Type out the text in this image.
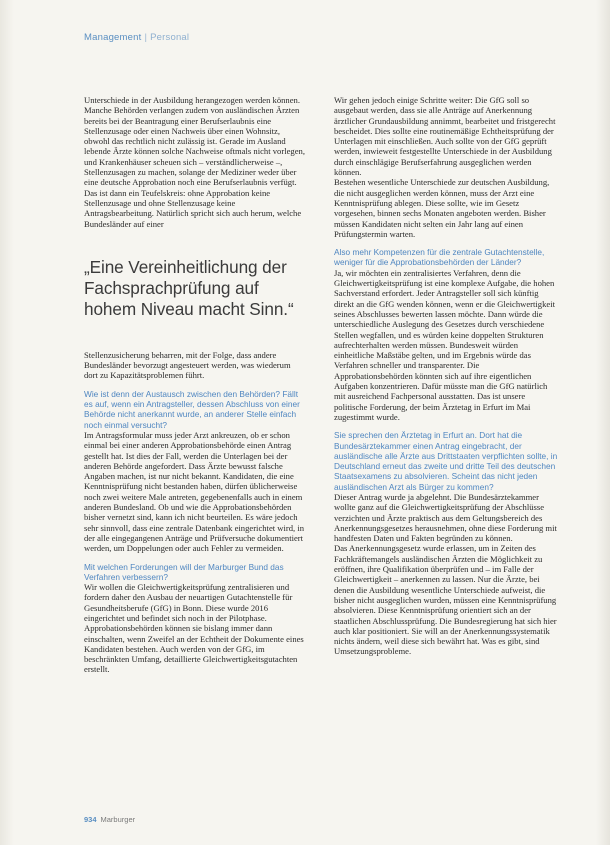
Management | Personal

Unterschiede in der Ausbildung herangezogen werden können.

Manche Behörden verlangen zudem von ausländischen Ärzten bereits bei der Beantragung einer Berufserlaubnis eine Stellenzusage oder einen Nachweis über einen Wohnsitz, obwohl das rechtlich nicht zulässig ist. Gerade im Ausland lebende Ärzte können solche Nachweise oftmals nicht vorlegen, und Krankenhäuser scheuen sich – verständlicherweise –, Stellenzusagen zu machen, solange der Mediziner weder über eine deutsche Approbation noch eine Berufserlaubnis verfügt. Das ist dann ein Teufelskreis: ohne Approbation keine Stellenzusage und ohne Stellenzusage keine Antragsbearbeitung. Natürlich spricht sich auch herum, welche Bundesländer auf einer

„Eine Vereinheitlichung der Fachsprachprüfung auf hohem Niveau macht Sinn.“

Stellenzusicherung beharren, mit der Folge, dass andere Bundesländer bevorzugt angesteuert werden, was wiederum dort zu Kapazitätsproblemen führt.

Wie ist denn der Austausch zwischen den Behörden? Fällt es auf, wenn ein Antragsteller, dessen Abschluss von einer Behörde nicht anerkannt wurde, an anderer Stelle einfach noch einmal versucht?

Im Antragsformular muss jeder Arzt ankreuzen, ob er schon einmal bei einer anderen Approbationsbehörde einen Antrag gestellt hat. Ist dies der Fall, werden die Unterlagen bei der anderen Behörde angefordert. Dass Ärzte bewusst falsche Angaben machen, ist nur nicht bekannt. Kandidaten, die eine Kenntnisprüfung nicht bestanden haben, dürfen üblicherweise noch zwei weitere Male antreten, gegebenenfalls auch in einem anderen Bundesland. Ob und wie die Approbationsbehörden bisher vernetzt sind, kann ich nicht beurteilen. Es wäre jedoch sehr sinnvoll, dass eine zentrale Datenbank eingerichtet wird, in der alle eingegangenen Anträge und Prüfversuche dokumentiert werden, um Doppelungen oder auch Fehler zu vermeiden.

Mit welchen Forderungen will der Marburger Bund das Verfahren verbessern?

Wir wollen die Gleichwertigkeitsprüfung zentralisieren und fordern daher den Ausbau der neuartigen Gutachtenstelle für Gesundheitsberufe (GfG) in Bonn. Diese wurde 2016 eingerichtet und befindet sich noch in der Pilotphase. Approbationsbehörden können sie bislang immer dann einschalten, wenn Zweifel an der Echtheit der Dokumente eines Kandidaten bestehen. Auch werden von der GfG, im beschränkten Umfang, detaillierte Gleichwertigkeitsgutachten erstellt.

Wir gehen jedoch einige Schritte weiter: Die GfG soll so ausgebaut werden, dass sie alle Anträge auf Anerkennung ärztlicher Grundausbildung annimmt, bearbeitet und fristgerecht bescheidet. Dies sollte eine routinemäßige Echtheitsprüfung der Unterlagen mit einschließen. Auch sollte von der GfG geprüft werden, inwieweit festgestellte Unterschiede in der Ausbildung durch einschlägige Berufserfahrung ausgeglichen werden können.

Bestehen wesentliche Unterschiede zur deutschen Ausbildung, die nicht ausgeglichen werden können, muss der Arzt eine Kenntnisprüfung ablegen. Diese sollte, wie im Gesetz vorgesehen, binnen sechs Monaten angeboten werden. Bisher müssen Kandidaten nicht selten ein Jahr lang auf einen Prüfungstermin warten.

Also mehr Kompetenzen für die zentrale Gutachtenstelle, weniger für die Approbationsbehörden der Länder?

Ja, wir möchten ein zentralisiertes Verfahren, denn die Gleichwertigkeitsprüfung ist eine komplexe Aufgabe, die hohen Sachverstand erfordert. Jeder Antragsteller soll sich künftig direkt an die GfG wenden können, wenn er die Gleichwertigkeit seines Abschlusses bewerten lassen möchte. Dann würde die unterschiedliche Auslegung des Gesetzes durch verschiedene Stellen wegfallen, und es würden keine doppelten Strukturen aufrechterhalten werden müssen. Bundesweit würden einheitliche Maßstäbe gelten, und im Ergebnis würde das Verfahren schneller und transparenter. Die Approbationsbehörden könnten sich auf ihre eigentlichen Aufgaben konzentrieren. Dafür müsste man die GfG natürlich mit ausreichend Fachpersonal ausstatten. Das ist unsere politische Forderung, der beim Ärztetag in Erfurt im Mai zugestimmt wurde.

Sie sprechen den Ärztetag in Erfurt an. Dort hat die Bundesärztekammer einen Antrag eingebracht, der ausländische alle Ärzte aus Drittstaaten verpflichten sollte, in Deutschland erneut das zweite und dritte Teil des deutschen Staatsexamens zu absolvieren. Scheint das nicht jeden ausländischen Arzt als Bürger zu kommen?

Dieser Antrag wurde ja abgelehnt. Die Bundesärztekammer wollte ganz auf die Gleichwertigkeitsprüfung der Abschlüsse verzichten und Ärzte praktisch aus dem Geltungsbereich des Anerkennungsgesetzes herausnehmen, ohne diese Forderung mit handfesten Daten und Fakten begründen zu können.

Das Anerkennungsgesetz wurde erlassen, um in Zeiten des Fachkräftemangels ausländischen Ärzten die Möglichkeit zu eröffnen, ihre Qualifikation überprüfen und – im Falle der Gleichwertigkeit – anerkennen zu lassen. Nur die Ärzte, bei denen die Ausbildung wesentliche Unterschiede aufweist, die bisher nicht ausgeglichen wurden, müssen eine Kenntnisprüfung absolvieren. Diese Kenntnisprüfung orientiert sich an der staatlichen Abschlussprüfung. Die Bundesregierung hat sich hier auch klar positioniert. Sie will an der Anerkennungssystematik nichts ändern, weil diese sich bewährt hat. Was es gibt, sind Umsetzungsprobleme.

934 Marburger
